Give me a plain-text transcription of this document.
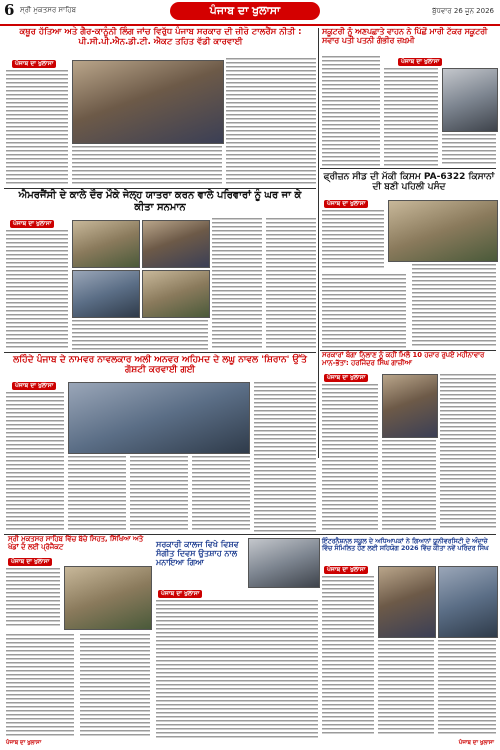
6 ਸ੍ਰੀ ਮੁਕਤਸਰ ਸਾਹਿਬ	ਪੰਜਾਬ ਦਾ ਖੁਲਾਸਾ	ਬੁੱਧਵਾਰ 26 ਜੂਨ 2026
ਕਥੂਰ ਹੱਤਿਆ ਅਤੇ ਗੈਰ-ਕਾਨੂੰਨੀ ਲਿੰਗ ਜਾਂਚ ਵਿਰੁੱਧ ਪੰਜਾਬ ਸਰਕਾਰ ਦੀ ਜ਼ੀਰੋ ਟਾਲਰੈਂਸ ਨੀਤੀ : ਪੀ.ਸੀ.ਪੀ.ਐਨ.ਡੀ.ਟੀ. ਐਕਟ ਤਹਿਤ ਵੱਡੀ ਕਾਰਵਾਈ
ਪੰਜਾਬ ਦਾ ਖੁਲਾਸਾ
ਸਕੂਟਰੀ ਨੂੰ ਅਣਪਛਾਤੇ ਵਾਹਨ ਨੇ ਪਿੱਛੋਂ ਮਾਰੀ ਟੱਕਰ ਸਕੂਟਰੀ ਸਵਾਰ ਪਤੀ ਪਤਨੀ ਗੰਭੀਰ ਜ਼ਖ਼ਮੀ
ਪੰਜਾਬ ਦਾ ਖੁਲਾਸਾ
ਐਮਰਜੈਂਸੀ ਦੇ ਕਾਲੇ ਦੌਰ ਮੌਕੇ ਜੇਲ੍ਹ ਯਾਤਰਾ ਕਰਨ ਵਾਲੇ ਪਰਿਵਾਰਾਂ ਨੂੰ ਘਰ ਜਾ ਕੇ ਕੀਤਾ ਸਨਮਾਨ
ਪੰਜਾਬ ਦਾ ਖੁਲਾਸਾ
ਫ੍ਰੀਜ਼ਨ ਸੀਡ ਦੀ ਮੱਕੀ ਕਿਸਮ PA-6322 ਕਿਸਾਨਾਂ ਦੀ ਬਣੀ ਪਹਿਲੀ ਪਸੰਦ
ਪੰਜਾਬ ਦਾ ਖੁਲਾਸਾ
ਲਹਿੰਦੇ ਪੰਜਾਬ ਦੇ ਨਾਮਵਰ ਨਾਵਲਕਾਰ ਅਲੀ ਅਨਵਰ ਅਹਿਮਦ ਦੇ ਲਘੂ ਨਾਵਲ 'ਸ਼ਿਰਾਨ' ਉੱਤੇ ਗੋਸ਼ਟੀ ਕਰਵਾਈ ਗਈ
ਪੰਜਾਬ ਦਾ ਖੁਲਾਸਾ
ਸਰਕਾਰਾਂ ਬੰਗਾ ਨਿਲਾਣ ਨੂੰ ਕਹੀਂ ਮਿਲੋ 10 ਹਜ਼ਾਰ ਰੁਪਏ ਮਹੀਨਾਵਾਰ ਮਾਨ-ਭੱਤਾ: ਹਰਜਿੰਦਰ ਸਿੰਘ ਗਾਜ਼ੀਆ
ਪੰਜਾਬ ਦਾ ਖੁਲਾਸਾ
ਸ੍ਰੀ ਮੁਕਤਸਰ ਸਾਹਿਬ ਵਿੱਚ ਬੱਚੇ ਸਿਹਤ, ਸਿੱਖਿਆ ਅਤੇ ਖੇਡਾਂ ਦੇ ਲਈ ਪ੍ਰੋਜੈਕਟ
ਪੰਜਾਬ ਦਾ ਖੁਲਾਸਾ
ਸਰਕਾਰੀ ਕਾਲਜ ਵਿਖੇ ਵਿਸ਼ਵ ਸੰਗੀਤ ਦਿਵਸ ਉਤਸ਼ਾਹ ਨਾਲ ਮਨਾਇਆ ਗਿਆ
ਪੰਜਾਬ ਦਾ ਖੁਲਾਸਾ
ਇੰਟਰਨੈਸ਼ਨਲ ਸਕੂਲ ਦੇ ਅਧਿਆਪਕਾਂ ਨੇ ਗਿਆਨਾਂ ਯੂਨੀਵਰਸਿਟੀ ਦੇ ਅੰਦਾਜ਼ੇ ਵਿੱਚ ਸੰਮਿਲਿਤ ਹੋਣ ਲਈ ਸਹਿਯੋਗ 2026 ਵਿੱਚ ਕੀਤਾ ਨਵੇਂ ਪਰਿੰਦਰ ਸਿੰਘ
ਪੰਜਾਬ ਦਾ ਖੁਲਾਸਾ
ਪੰਜਾਬ ਦਾ ਖੁਲਾਸਾ	ਪੰਜਾਬ ਦਾ ਖੁਲਾਸਾ
